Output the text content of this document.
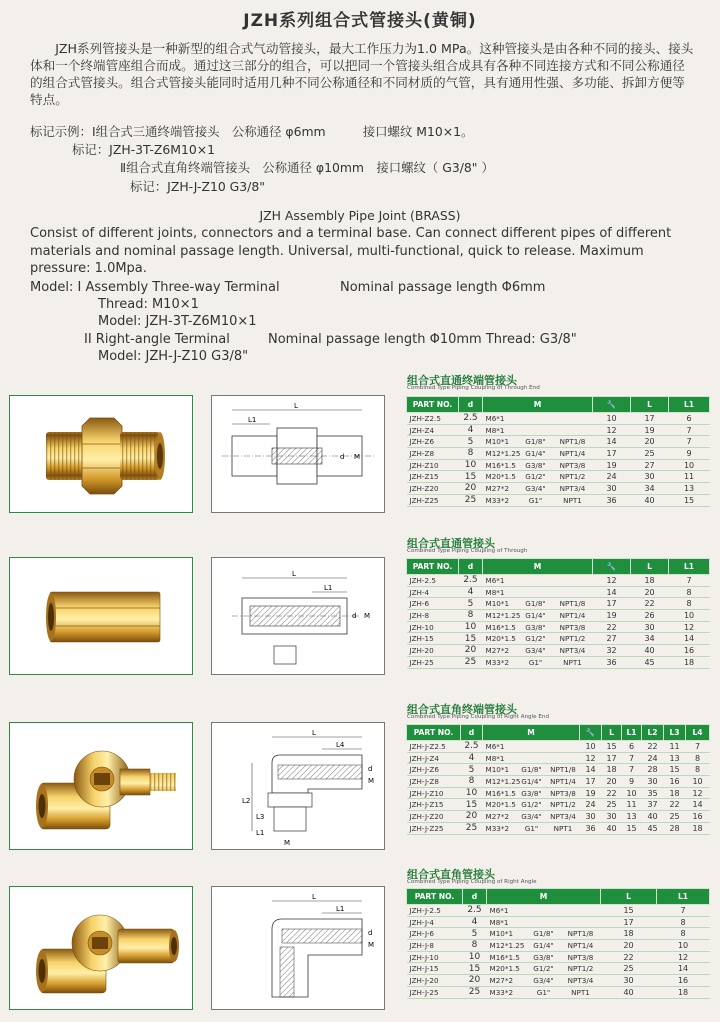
JZH系列组合式管接头(黄铜)

JZH系列管接头是一种新型的组合式气动管接头，最大工作压力为1.0 MPa。这种管接头是由各种不同的接头、接头体和一个终端管座组合而成。通过这三部分的组合，可以把同一个管接头组合成具有各种不同连接方式和不同公称通径的组合式管接头。组合式管接头能同时适用几种不同公称通径和不同材质的气管，具有通用性强、多功能、拆卸方便等特点。

标记示例：Ⅰ组合式三通终端管接头　公称通径 φ6mm　　　接口螺纹 M10×1。
标记：JZH-3T-Z6M10×1
Ⅱ组合式直角终端管接头　公称通径 φ10mm　接口螺纹（ G3/8" ）
标记：JZH-J-Z10 G3/8"
JZH Assembly Pipe Joint (BRASS)

Consist of different joints, connectors and a terminal base. Can connect different pipes of different materials and nominal passage length. Universal, multi-functional, quick to release. Maximum pressure: 1.0Mpa.

Model: I Assembly Three-way Terminal	Nominal passage length Φ6mm
Thread: M10×1
Model: JZH-3T-Z6M10×1
II Right-angle Terminal	Nominal passage length Φ10mm Thread: G3/8"
Model: JZH-J-Z10 G3/8"
L
L1
d M
组合式直通终端管接头
Combined Type Piping Coupling of Through End
PART NO.	d	M			🔧	L	L1
JZH-Z2.5	2.5	M6*1			10	17	6
JZH-Z4	4	M8*1			12	19	7
JZH-Z6	5	M10*1	G1/8"	NPT1/8	14	20	7
JZH-Z8	8	M12*1.25	G1/4"	NPT1/4	17	25	9
JZH-Z10	10	M16*1.5	G3/8"	NPT3/8	19	27	10
JZH-Z15	15	M20*1.5	G1/2"	NPT1/2	24	30	11
JZH-Z20	20	M27*2	G3/4"	NPT3/4	30	34	13
JZH-Z25	25	M33*2	G1"	NPT1	36	40	15
L
L1
d M
组合式直通管接头
Combined Type Piping Coupling of Through
PART NO.	d	M			🔧	L	L1
JZH-2.5	2.5	M6*1			12	18	7
JZH-4	4	M8*1			14	20	8
JZH-6	5	M10*1	G1/8"	NPT1/8	17	22	8
JZH-8	8	M12*1.25	G1/4"	NPT1/4	19	26	10
JZH-10	10	M16*1.5	G3/8"	NPT3/8	22	30	12
JZH-15	15	M20*1.5	G1/2"	NPT1/2	27	34	14
JZH-20	20	M27*2	G3/4"	NPT3/4	32	40	16
JZH-25	25	M33*2	G1"	NPT1	36	45	18
L
L4
L2
L3
L1
M
d
M
组合式直角终端管接头
Combined Type Piping Coupling of Right Angle End
PART NO.	d	M			🔧	L	L1	L2	L3	L4
JZH-J-Z2.5	2.5	M6*1			10	15	6	22	11	7
JZH-J-Z4	4	M8*1			12	17	7	24	13	8
JZH-J-Z6	5	M10*1	G1/8"	NPT1/8	14	18	7	28	15	8
JZH-J-Z8	8	M12*1.25	G1/4"	NPT1/4	17	20	9	30	16	10
JZH-J-Z10	10	M16*1.5	G3/8"	NPT3/8	19	22	10	35	18	12
JZH-J-Z15	15	M20*1.5	G1/2"	NPT1/2	24	25	11	37	22	14
JZH-J-Z20	20	M27*2	G3/4"	NPT3/4	30	30	13	40	25	16
JZH-J-Z25	25	M33*2	G1"	NPT1	36	40	15	45	28	18
L
L1
d
M
组合式直角管接头
Combined Type Piping Coupling of Right Angle
PART NO.	d	M			L	L1
JZH-J-2.5	2.5	M6*1			15	7
JZH-J-4	4	M8*1			17	8
JZH-J-6	5	M10*1	G1/8"	NPT1/8	18	8
JZH-J-8	8	M12*1.25	G1/4"	NPT1/4	20	10
JZH-J-10	10	M16*1.5	G3/8"	NPT3/8	22	12
JZH-J-15	15	M20*1.5	G1/2"	NPT1/2	25	14
JZH-J-20	20	M27*2	G3/4"	NPT3/4	30	16
JZH-J-25	25	M33*2	G1"	NPT1	40	18
